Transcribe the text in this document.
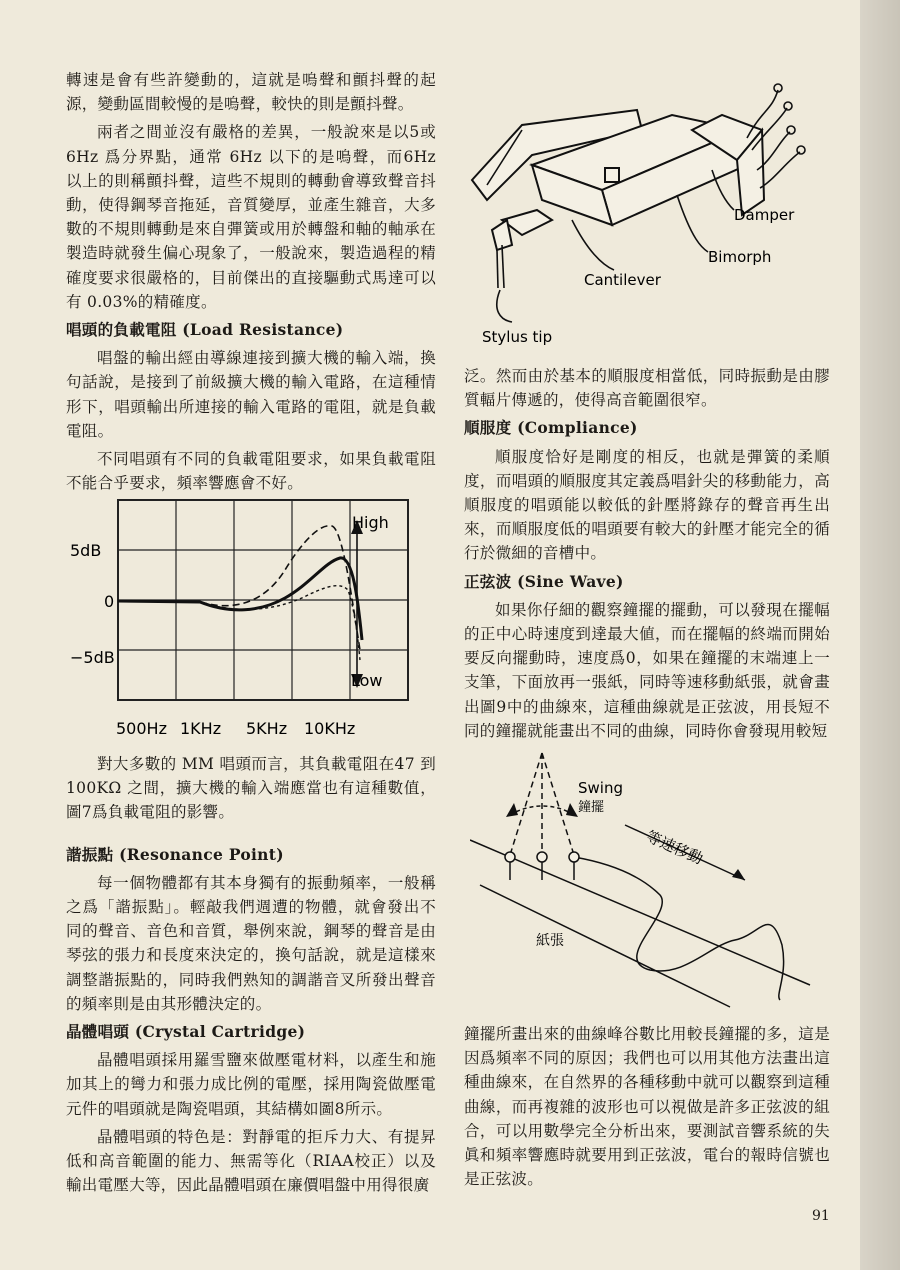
轉速是會有些許變動的，這就是嗚聲和顫抖聲的起源，變動區間較慢的是嗚聲，較快的則是顫抖聲。

兩者之間並沒有嚴格的差異，一般說來是以5或6Hz 爲分界點，通常 6Hz 以下的是嗚聲，而6Hz 以上的則稱顫抖聲，這些不規則的轉動會導致聲音抖動，使得鋼琴音拖延，音質變厚，並產生雜音，大多數的不規則轉動是來自彈簧或用於轉盤和軸的軸承在製造時就發生偏心現象了，一般說來，製造過程的精確度要求很嚴格的，目前傑出的直接驅動式馬達可以有 0.03%的精確度。

唱頭的負載電阻 (Load Resistance)

唱盤的輸出經由導線連接到擴大機的輸入端，換句話說，是接到了前級擴大機的輸入電路，在這種情形下，唱頭輸出所連接的輸入電路的電阻，就是負載電阻。

不同唱頭有不同的負載電阻要求，如果負載電阻不能合乎要求，頻率響應會不好。

High
Low
5dB
0
−5dB
500Hz 1KHz 5KHz 10KHz

對大多數的 MM 唱頭而言，其負載電阻在47 到 100KΩ 之間，擴大機的輸入端應當也有這種數值，圖7爲負載電阻的影響。

諧振點 (Resonance Point)

每一個物體都有其本身獨有的振動頻率，一般稱之爲「諧振點」。輕敲我們週遭的物體，就會發出不同的聲音、音色和音質，舉例來說，鋼琴的聲音是由琴弦的張力和長度來決定的，換句話說，就是這樣來調整諧振點的，同時我們熟知的調諧音叉所發出聲音的頻率則是由其形體決定的。

晶體唱頭 (Crystal Cartridge)

晶體唱頭採用羅雪鹽來做壓電材料，以產生和施加其上的彎力和張力成比例的電壓，採用陶瓷做壓電元件的唱頭就是陶瓷唱頭，其結構如圖8所示。

晶體唱頭的特色是：對靜電的拒斥力大、有提昇低和高音範圍的能力、無需等化（RIAA校正）以及輸出電壓大等，因此晶體唱頭在廉價唱盤中用得很廣

Damper
Bimorph
Cantilever
Stylus tip

泛。然而由於基本的順服度相當低，同時振動是由膠質輻片傳遞的，使得高音範圍很窄。

順服度 (Compliance)

順服度恰好是剛度的相反，也就是彈簧的柔順度，而唱頭的順服度其定義爲唱針尖的移動能力，高順服度的唱頭能以較低的針壓將錄存的聲音再生出來，而順服度低的唱頭要有較大的針壓才能完全的循行於微細的音槽中。

正弦波 (Sine Wave)

如果你仔細的觀察鐘擺的擺動，可以發現在擺幅的正中心時速度到達最大値，而在擺幅的終端而開始要反向擺動時，速度爲0，如果在鐘擺的末端連上一支筆，下面放再一張紙，同時等速移動紙張，就會畫出圖9中的曲線來，這種曲線就是正弦波，用長短不同的鐘擺就能畫出不同的曲線，同時你會發現用較短

Swing
鐘擺
等速移動
紙張

鐘擺所畫出來的曲線峰谷數比用較長鐘擺的多，這是因爲頻率不同的原因；我們也可以用其他方法畫出這種曲線來，在自然界的各種移動中就可以觀察到這種曲線，而再複雜的波形也可以視做是許多正弦波的組合，可以用數學完全分析出來，要測試音響系統的失眞和頻率響應時就要用到正弦波，電台的報時信號也是正弦波。

91
